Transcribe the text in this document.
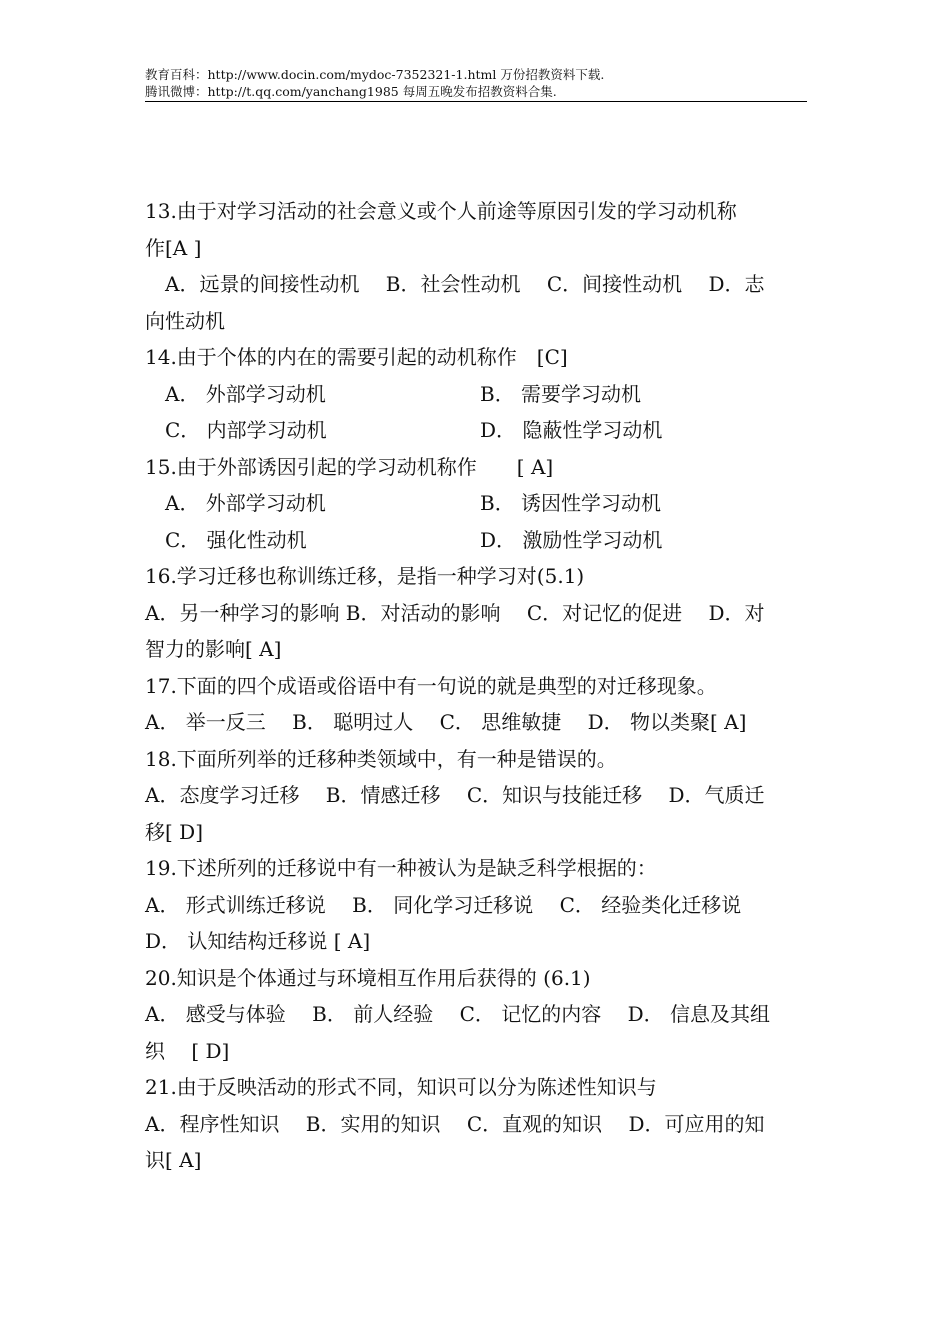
教育百科：http://www.docin.com/mydoc-7352321-1.html 万份招教资料下载.
腾讯微博：http://t.qq.com/yanchang1985 每周五晚发布招教资料合集.
13.由于对学习活动的社会意义或个人前途等原因引发的学习动机称
作[A ]
A．远景的间接性动机　 B．社会性动机　 C．间接性动机　 D．志
向性动机
14.由于个体的内在的需要引起的动机称作　[C]
A． 外部学习动机	B． 需要学习动机
C． 内部学习动机	D． 隐蔽性学习动机
15.由于外部诱因引起的学习动机称作　　[ A]
A． 外部学习动机	B． 诱因性学习动机
C． 强化性动机	D． 激励性学习动机
16.学习迁移也称训练迁移，是指一种学习对(5.1)
A．另一种学习的影响 B．对活动的影响　 C．对记忆的促进　 D．对
智力的影响[ A]
17.下面的四个成语或俗语中有一句说的就是典型的对迁移现象。
A． 举一反三　 B． 聪明过人　 C． 思维敏捷　 D． 物以类聚[ A]
18.下面所列举的迁移种类领域中，有一种是错误的。
A．态度学习迁移　 B．情感迁移　 C．知识与技能迁移　 D．气质迁
移[ D]
19.下述所列的迁移说中有一种被认为是缺乏科学根据的：
A． 形式训练迁移说　 B． 同化学习迁移说　 C． 经验类化迁移说
D． 认知结构迁移说 [ A]
20.知识是个体通过与环境相互作用后获得的 (6.1)
A． 感受与体验　 B． 前人经验　 C． 记忆的内容　 D． 信息及其组
织　 [ D]
21.由于反映活动的形式不同，知识可以分为陈述性知识与
A．程序性知识　 B．实用的知识　 C．直观的知识　 D．可应用的知
识[ A]
